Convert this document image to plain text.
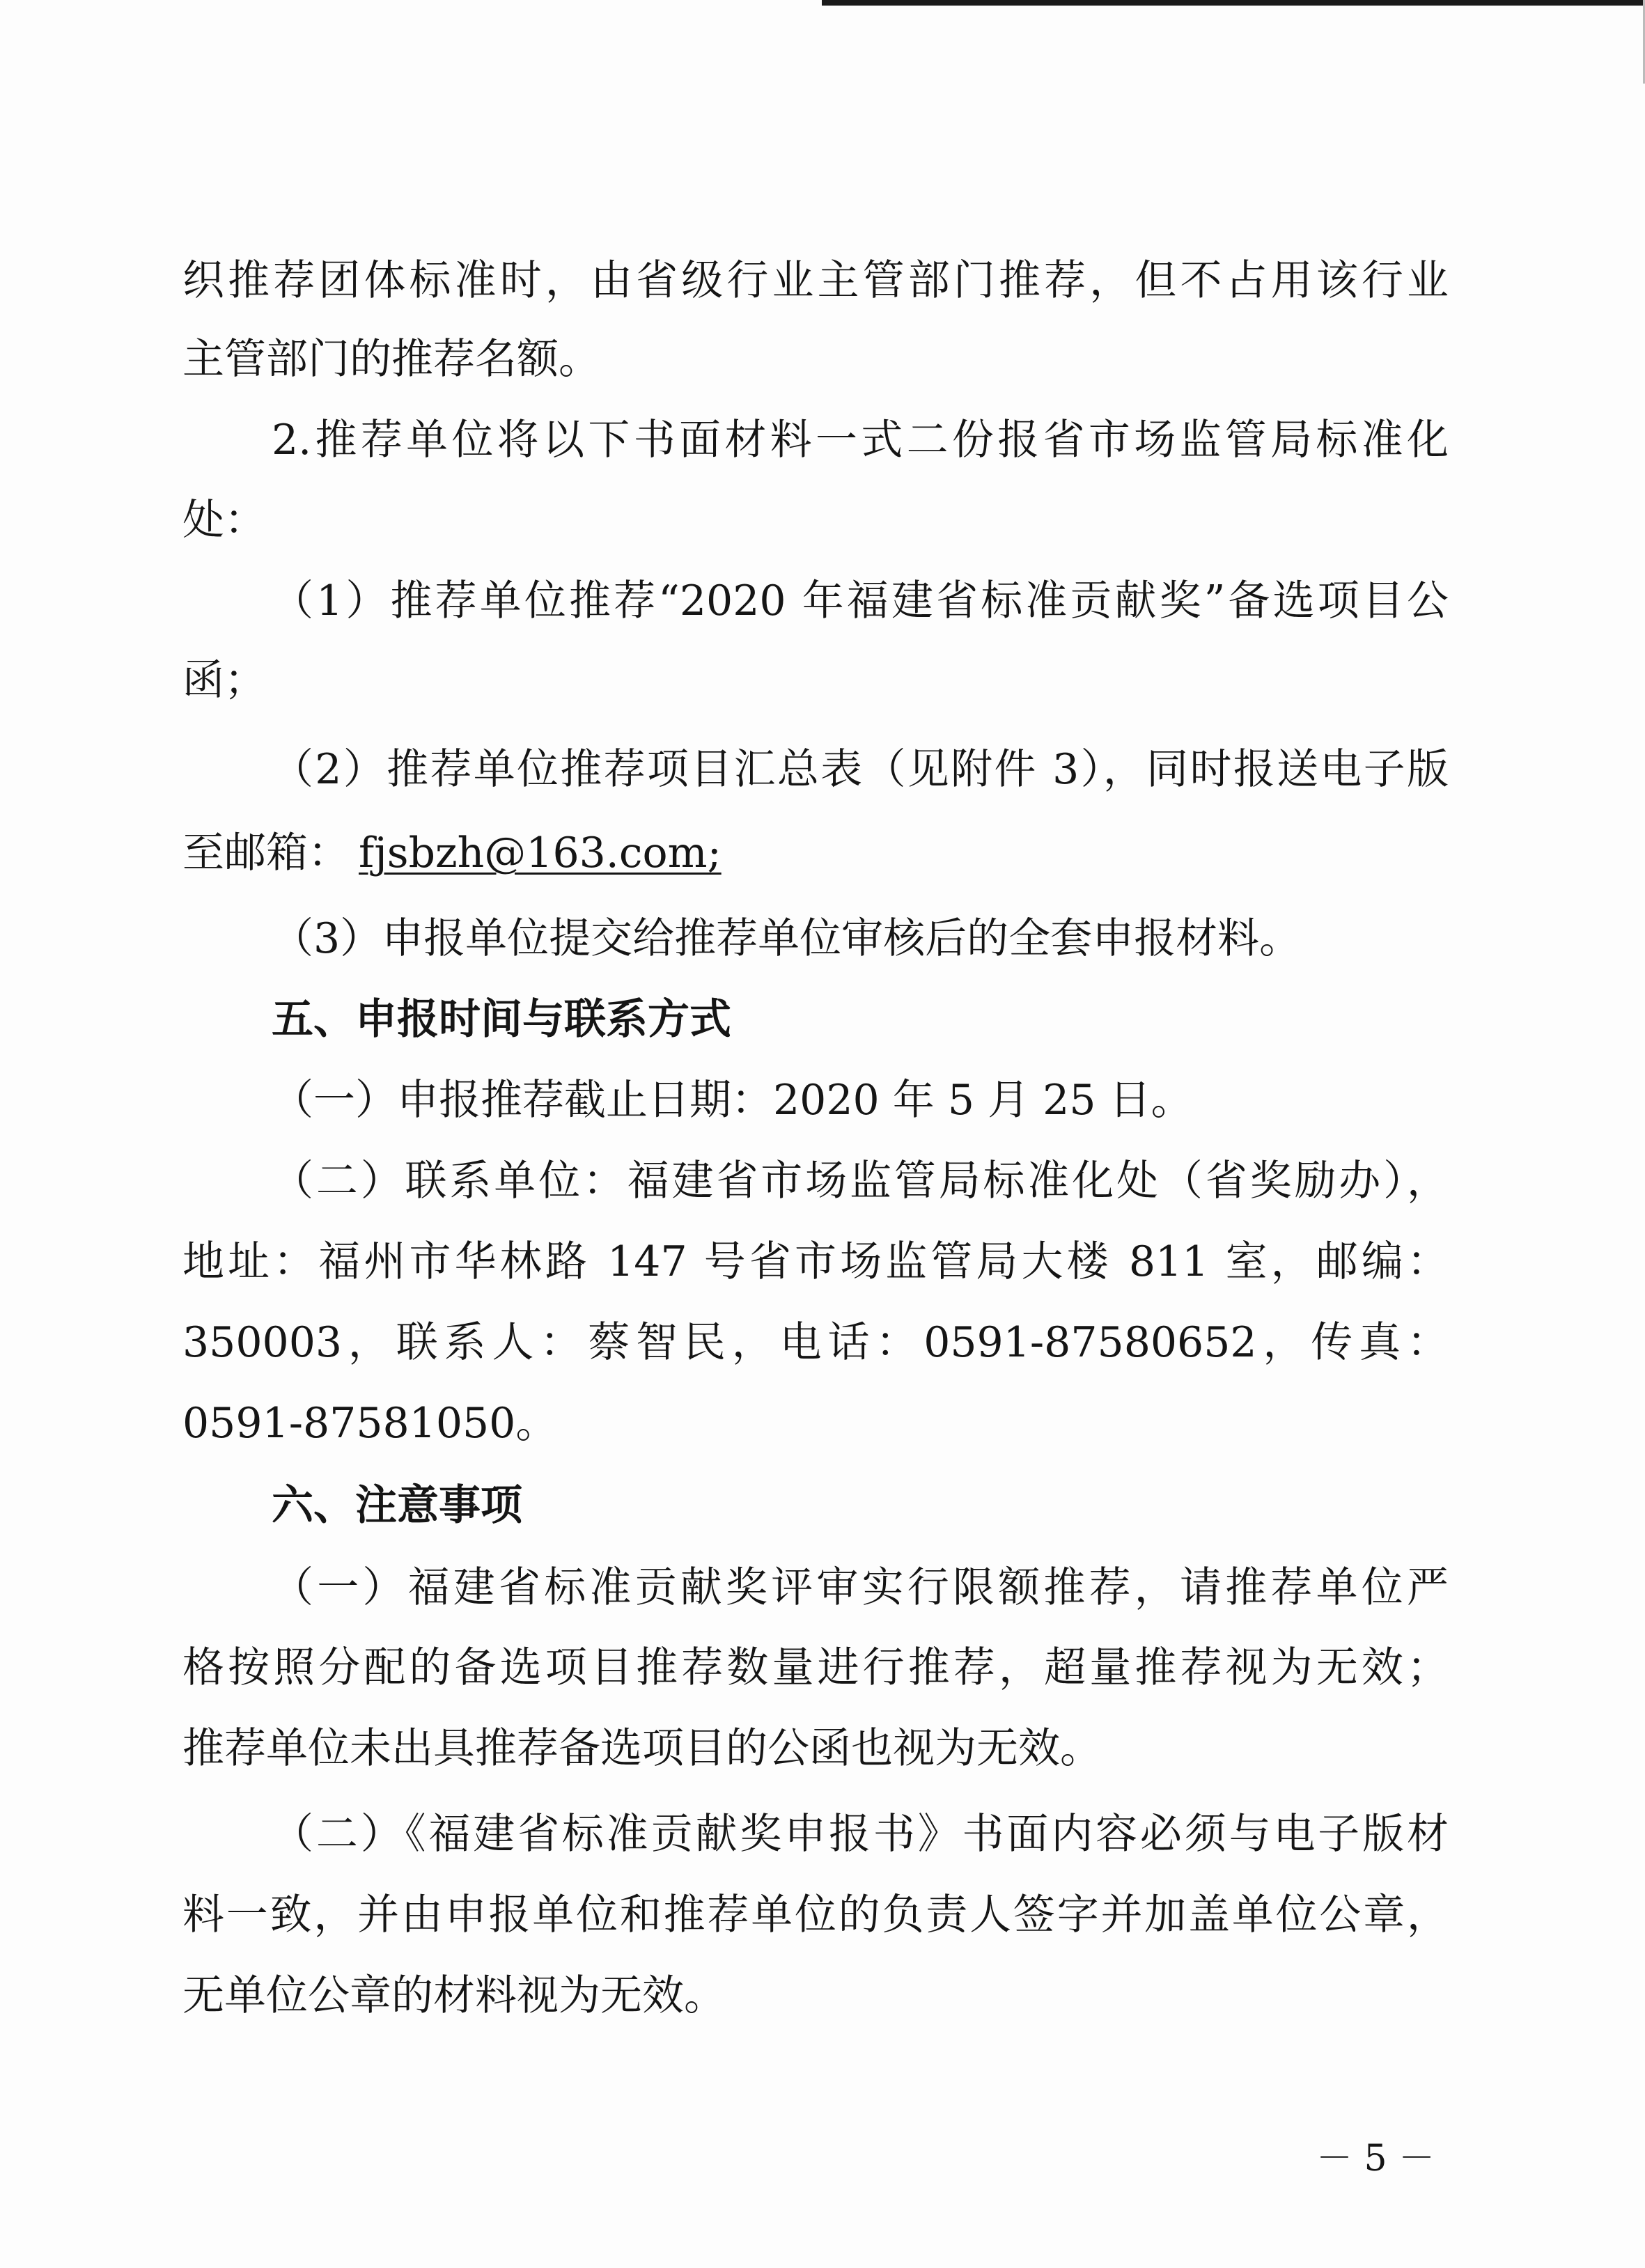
织推荐团体标准时，由省级行业主管部门推荐，但不占用该行业
主管部门的推荐名额。
2.推荐单位将以下书面材料一式二份报省市场监管局标准化
处：
（1）推荐单位推荐“2020 年福建省标准贡献奖”备选项目公
函；
（2）推荐单位推荐项目汇总表（见附件 3），同时报送电子版
至邮箱： fjsbzh@163.com;
（3）申报单位提交给推荐单位审核后的全套申报材料。
五、申报时间与联系方式
（一）申报推荐截止日期：2020 年 5 月 25 日。
（二）联系单位：福建省市场监管局标准化处（省奖励办），
地址：福州市华林路 147 号省市场监管局大楼 811 室，邮编：
350003，联系人：蔡智民，电话：0591-87580652，传真：
0591-87581050。
六、注意事项
（一）福建省标准贡献奖评审实行限额推荐，请推荐单位严
格按照分配的备选项目推荐数量进行推荐，超量推荐视为无效；
推荐单位未出具推荐备选项目的公函也视为无效。
（二）《福建省标准贡献奖申报书》书面内容必须与电子版材
料一致，并由申报单位和推荐单位的负责人签字并加盖单位公章，
无单位公章的材料视为无效。
－ 5 －
